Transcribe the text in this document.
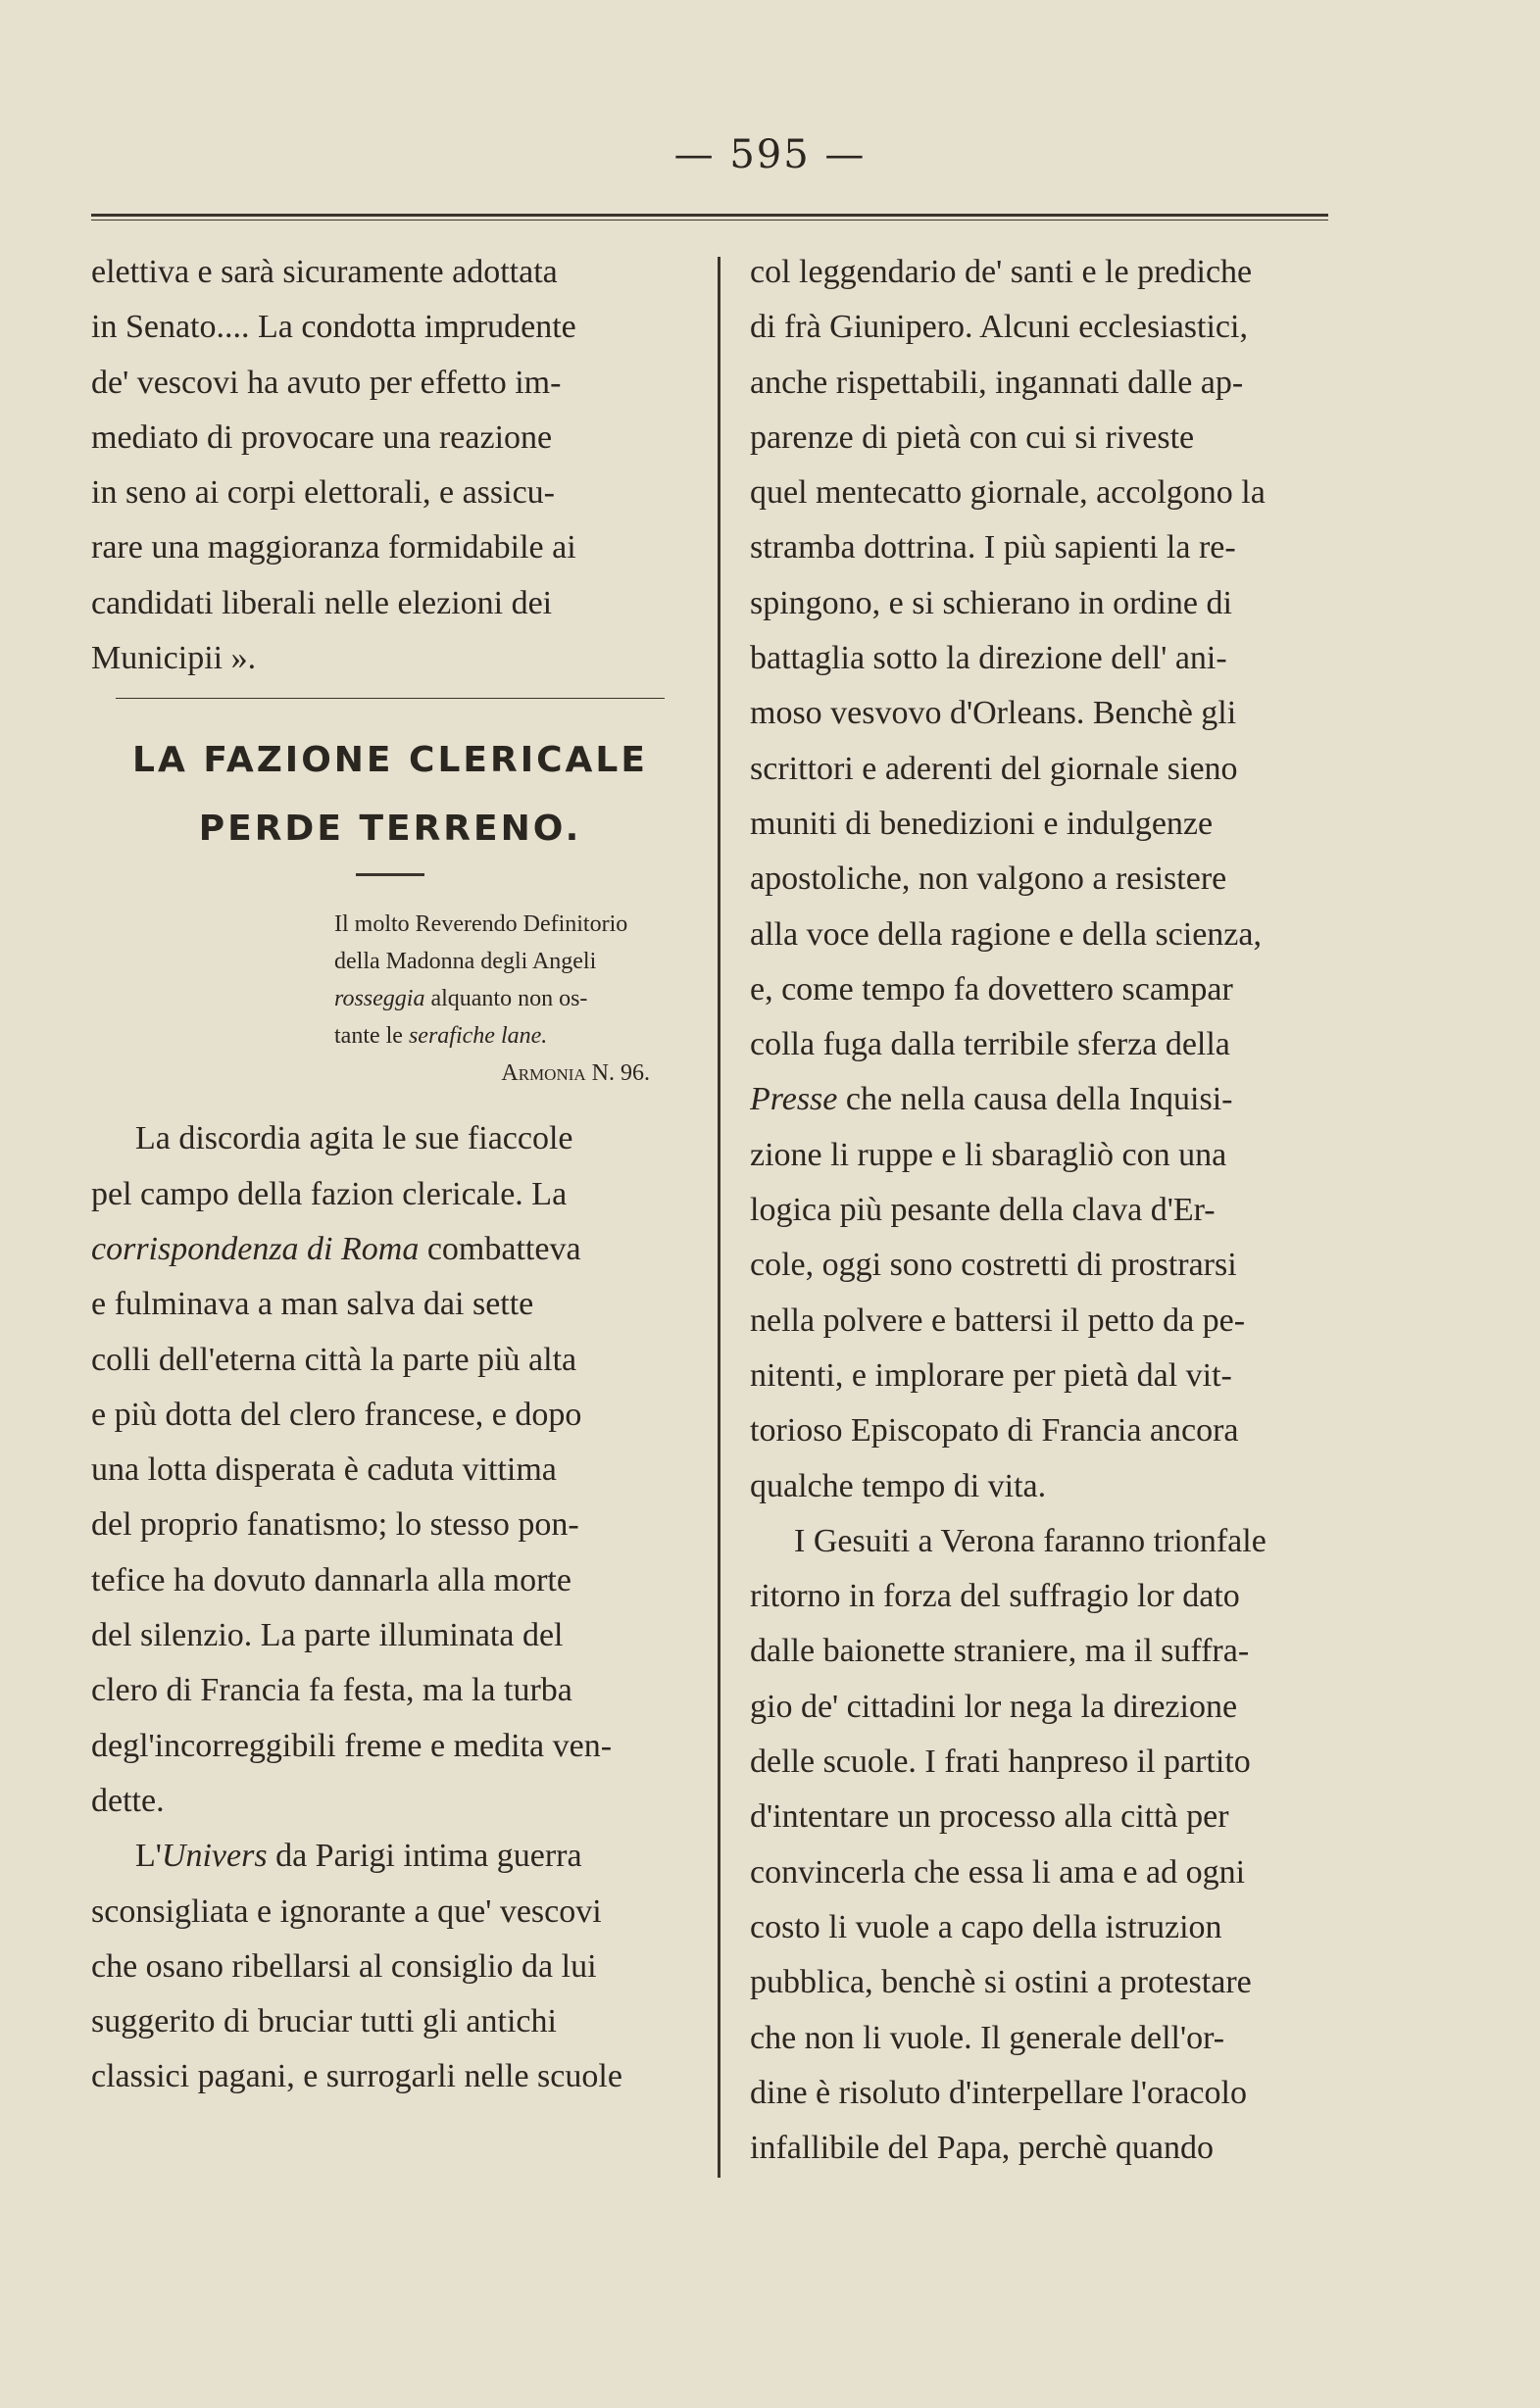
— 595 —
elettiva e sarà sicuramente adottata
in Senato.... La condotta imprudente
de' vescovi ha avuto per effetto im-
mediato di provocare una reazione
in seno ai corpi elettorali, e assicu-
rare una maggioranza formidabile ai
candidati liberali nelle elezioni dei
Municipii ».
LA FAZIONE CLERICALE
PERDE TERRENO.
Il molto Reverendo Definitorio
della Madonna degli Angeli
rosseggia alquanto non os-
tante le serafiche lane.
Armonia N. 96.
La discordia agita le sue fiaccole
pel campo della fazion clericale. La
corrispondenza di Roma combatteva
e fulminava a man salva dai sette
colli dell'eterna città la parte più alta
e più dotta del clero francese, e dopo
una lotta disperata è caduta vittima
del proprio fanatismo; lo stesso pon-
tefice ha dovuto dannarla alla morte
del silenzio. La parte illuminata del
clero di Francia fa festa, ma la turba
degl'incorreggibili freme e medita ven-
dette.
L'Univers da Parigi intima guerra
sconsigliata e ignorante a que' vescovi
che osano ribellarsi al consiglio da lui
suggerito di bruciar tutti gli antichi
classici pagani, e surrogarli nelle scuole
col leggendario de' santi e le prediche
di frà Giunipero. Alcuni ecclesiastici,
anche rispettabili, ingannati dalle ap-
parenze di pietà con cui si riveste
quel mentecatto giornale, accolgono la
stramba dottrina. I più sapienti la re-
spingono, e si schierano in ordine di
battaglia sotto la direzione dell' ani-
moso vesvovo d'Orleans. Benchè gli
scrittori e aderenti del giornale sieno
muniti di benedizioni e indulgenze
apostoliche, non valgono a resistere
alla voce della ragione e della scienza,
e, come tempo fa dovettero scampar
colla fuga dalla terribile sferza della
Presse che nella causa della Inquisi-
zione li ruppe e li sbaragliò con una
logica più pesante della clava d'Er-
cole, oggi sono costretti di prostrarsi
nella polvere e battersi il petto da pe-
nitenti, e implorare per pietà dal vit-
torioso Episcopato di Francia ancora
qualche tempo di vita.
I Gesuiti a Verona faranno trionfale
ritorno in forza del suffragio lor dato
dalle baionette straniere, ma il suffra-
gio de' cittadini lor nega la direzione
delle scuole. I frati hanpreso il partito
d'intentare un processo alla città per
convincerla che essa li ama e ad ogni
costo li vuole a capo della istruzion
pubblica, benchè si ostini a protestare
che non li vuole. Il generale dell'or-
dine è risoluto d'interpellare l'oracolo
infallibile del Papa, perchè quando
